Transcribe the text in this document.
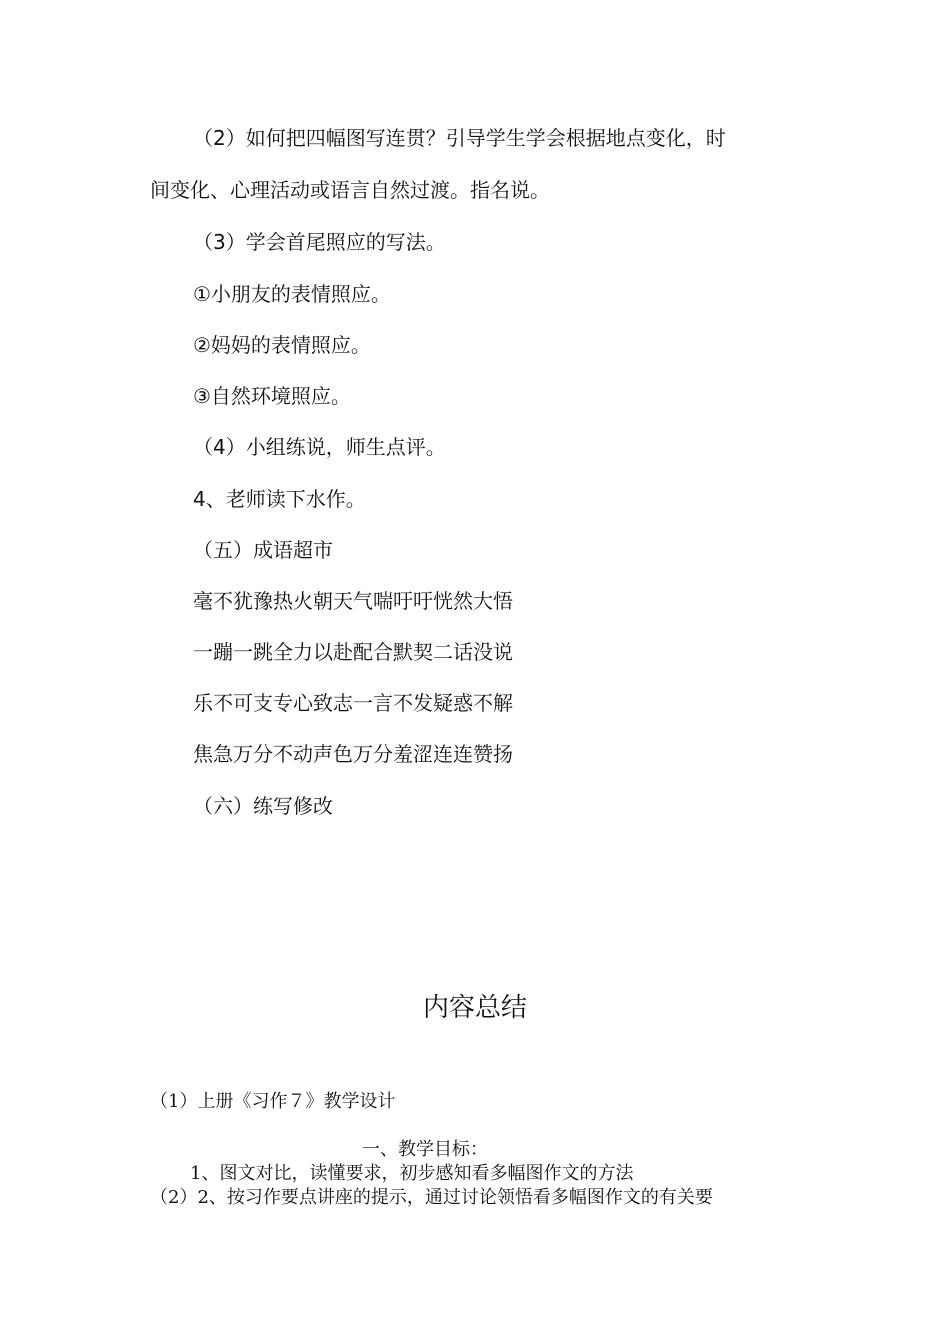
（2）如何把四幅图写连贯？引导学生学会根据地点变化，时
间变化、心理活动或语言自然过渡。指名说。
（3）学会首尾照应的写法。
①小朋友的表情照应。
②妈妈的表情照应。
③自然环境照应。
（4）小组练说，师生点评。
4、老师读下水作。
（五）成语超市
毫不犹豫热火朝天气喘吁吁恍然大悟
一蹦一跳全力以赴配合默契二话没说
乐不可支专心致志一言不发疑惑不解
焦急万分不动声色万分羞涩连连赞扬
（六）练写修改
内容总结
（1）上册《习作７》教学设计
一、教学目标：
1、图文对比，读懂要求，初步感知看多幅图作文的方法
（2）2、按习作要点讲座的提示，通过讨论领悟看多幅图作文的有关要
